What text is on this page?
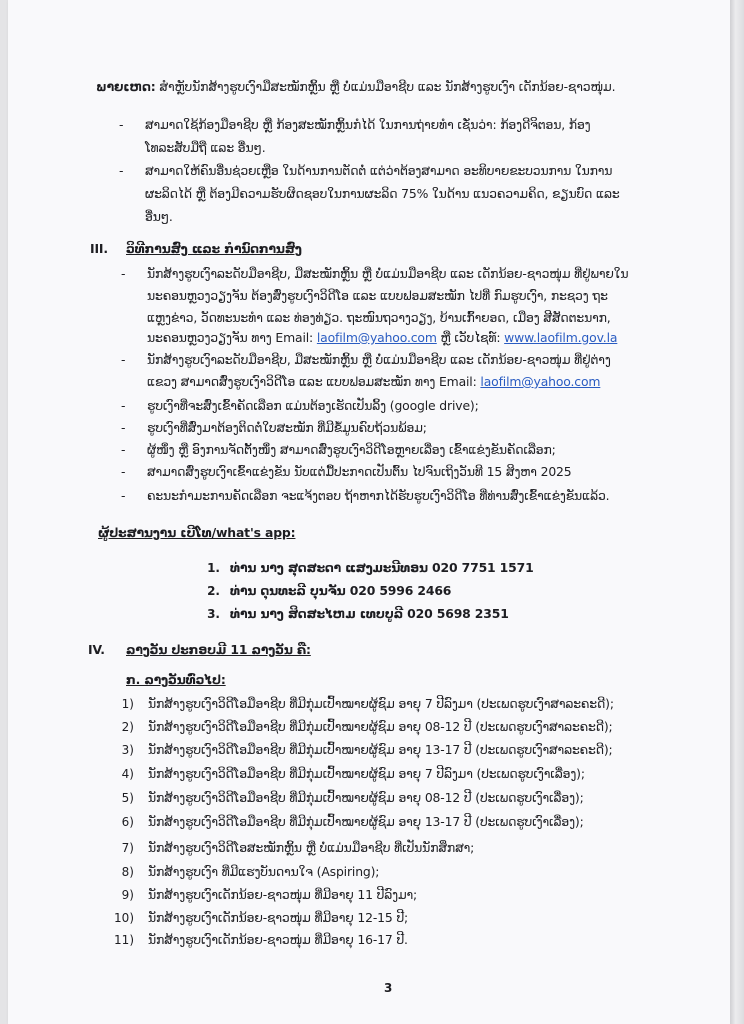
ພາຍເຫດ: ສຳຫຼັບນັກສ້າງຮູບເງົາມືສະໝັກຫຼິ້ນ ຫຼື ບໍ່ແມ່ນມືອາຊີບ ແລະ ນັກສ້າງຮູບເງົາ ເດັກນ້ອຍ-ຊາວໜຸ່ມ.
- ສາມາດໃຊ້ກ້ອງມືອາຊີບ ຫຼື ກ້ອງສະໝັກຫຼິ້ນກໍໄດ້ ໃນການຖ່າຍທຳ ເຊັ່ນວ່າ: ກ້ອງດີຈິຕອນ, ກ້ອງ
ໂທລະສັບມືຖື ແລະ ອື່ນໆ.
- ສາມາດໃຫ້ຄົນອື່ນຊ່ວຍເຫຼືອ ໃນດ້ານການຕັດຕໍ່ ແຕ່ວ່າຕ້ອງສາມາດ ອະທິບາຍຂະບວນການ ໃນການ
ຜະລິດໄດ້ ຫຼື ຕ້ອງມີຄວາມຮັບຜິດຊອບໃນການຜະລິດ 75% ໃນດ້ານ ແນວຄວາມຄິດ, ຂຽນບົດ ແລະ
ອື່ນໆ.
III. ວິທີການສົ່ງ ແລະ ກຳນົດການສົ່ງ
- ນັກສ້າງຮູບເງົາລະດັບມືອາຊີບ, ມືສະໝັກຫຼິ້ນ ຫຼື ບໍ່ແມ່ນມືອາຊີບ ແລະ ເດັກນ້ອຍ-ຊາວໜຸ່ມ ທີ່ຢູ່ພາຍໃນ
ນະຄອນຫຼວງວຽງຈັນ ຕ້ອງສົ່ງຮູບເງົາວິດີໂອ ແລະ ແບບຟອມສະໝັກ ໄປທີ່ ກົມຮູບເງົາ, ກະຊວງ ຖະ
ແຫຼງຂ່າວ, ວັດທະນະທຳ ແລະ ທ່ອງທ່ຽວ. ຖະໜົນຖວາງວຽງ, ບ້ານເກົ້າຍອດ, ເມືອງ ສີສັດຕະນາກ,
ນະຄອນຫຼວງວຽງຈັນ ທາງ Email: laofilm@yahoo.com ຫຼື ເວັບໄຊທ໌: www.laofilm.gov.la
- ນັກສ້າງຮູບເງົາລະດັບມືອາຊີບ, ມືສະໝັກຫຼິ້ນ ຫຼື ບໍ່ແມ່ນມືອາຊີບ ແລະ ເດັກນ້ອຍ-ຊາວໜຸ່ມ ທີ່ຢູ່ຕ່າງ
ແຂວງ ສາມາດສົ່ງຮູບເງົາວິດີໂອ ແລະ ແບບຟອມສະໝັກ ທາງ Email: laofilm@yahoo.com
- ຮູບເງົາທີ່ຈະສົ່ງເຂົ້າຄັດເລືອກ ແມ່ນຕ້ອງເຮັດເປັນລິ້ງ (google drive);
- ຮູບເງົາທີ່ສົ່ງມາຕ້ອງຕິດຕໍ່ໃບສະໝັກ ທີ່ມີຂໍ້ມູນຄົບຖ້ວນພ້ອມ;
- ຜູ້ໜຶ່ງ ຫຼື ອົງການຈັດຕັ້ງໜຶ່ງ ສາມາດສົ່ງຮູບເງົາວິດີໂອຫຼາຍເລື່ອງ ເຂົ້າແຂ່ງຂັນຄັດເລືອກ;
- ສາມາດສົ່ງຮູບເງົາເຂົ້າແຂ່ງຂັນ ນັບແຕ່ມື້ປະກາດເປັນຕົ້ນ ໄປຈົນເຖິງວັນທີ 15 ສິງຫາ 2025
- ຄະນະກຳມະການຄັດເລືອກ ຈະແຈ້ງຕອບ ຖ້າຫາກໄດ້ຮັບຮູບເງົາວິດີໂອ ທີ່ທ່ານສົ່ງເຂົ້າແຂ່ງຂັນແລ້ວ.
ຜູ້ປະສານງານ ເບີໂທ/what's app:
1. ທ່ານ ນາງ ສຸດສະດາ ແສງມະນີທອນ 020 7751 1571
2. ທ່ານ ດຸນທະລີ ບຸນຈັນ 020 5996 2466
3. ທ່ານ ນາງ ສິດສະໄຫມ ເທບບູລີ 020 5698 2351
IV. ລາງວັນ ປະກອບມີ 11 ລາງວັນ ຄື:
ກ. ລາງວັນທົ່ວໄປ:
1) ນັກສ້າງຮູບເງົາວິດີໂອມືອາຊີບ ທີ່ມີກຸ່ມເປົ້າໝາຍຜູ້ຊົມ ອາຍຸ 7 ປີລົງມາ (ປະເພດຮູບເງົາສາລະຄະດີ);
2) ນັກສ້າງຮູບເງົາວິດີໂອມືອາຊີບ ທີ່ມີກຸ່ມເປົ້າໝາຍຜູ້ຊົມ ອາຍຸ 08-12 ປີ (ປະເພດຮູບເງົາສາລະຄະດີ);
3) ນັກສ້າງຮູບເງົາວິດີໂອມືອາຊີບ ທີ່ມີກຸ່ມເປົ້າໝາຍຜູ້ຊົມ ອາຍຸ 13-17 ປີ (ປະເພດຮູບເງົາສາລະຄະດີ);
4) ນັກສ້າງຮູບເງົາວິດີໂອມືອາຊີບ ທີ່ມີກຸ່ມເປົ້າໝາຍຜູ້ຊົມ ອາຍຸ 7 ປີລົງມາ (ປະເພດຮູບເງົາເລື່ອງ);
5) ນັກສ້າງຮູບເງົາວິດີໂອມືອາຊີບ ທີ່ມີກຸ່ມເປົ້າໝາຍຜູ້ຊົມ ອາຍຸ 08-12 ປີ (ປະເພດຮູບເງົາເລື່ອງ);
6) ນັກສ້າງຮູບເງົາວິດີໂອມືອາຊີບ ທີ່ມີກຸ່ມເປົ້າໝາຍຜູ້ຊົມ ອາຍຸ 13-17 ປີ (ປະເພດຮູບເງົາເລື່ອງ);
7) ນັກສ້າງຮູບເງົາວິດີໂອສະໝັກຫຼິ້ນ ຫຼື ບໍ່ແມ່ນມືອາຊີບ ທີ່ເປັນນັກສຶກສາ;
8) ນັກສ້າງຮູບເງົາ ທີ່ມີແຮງບັນດານໃຈ (Aspiring);
9) ນັກສ້າງຮູບເງົາເດັກນ້ອຍ-ຊາວໜຸ່ມ ທີ່ມີອາຍຸ 11 ປີລົງມາ;
10) ນັກສ້າງຮູບເງົາເດັກນ້ອຍ-ຊາວໜຸ່ມ ທີ່ມີອາຍຸ 12-15 ປີ;
11) ນັກສ້າງຮູບເງົາເດັກນ້ອຍ-ຊາວໜຸ່ມ ທີ່ມີອາຍຸ 16-17 ປີ.
3
